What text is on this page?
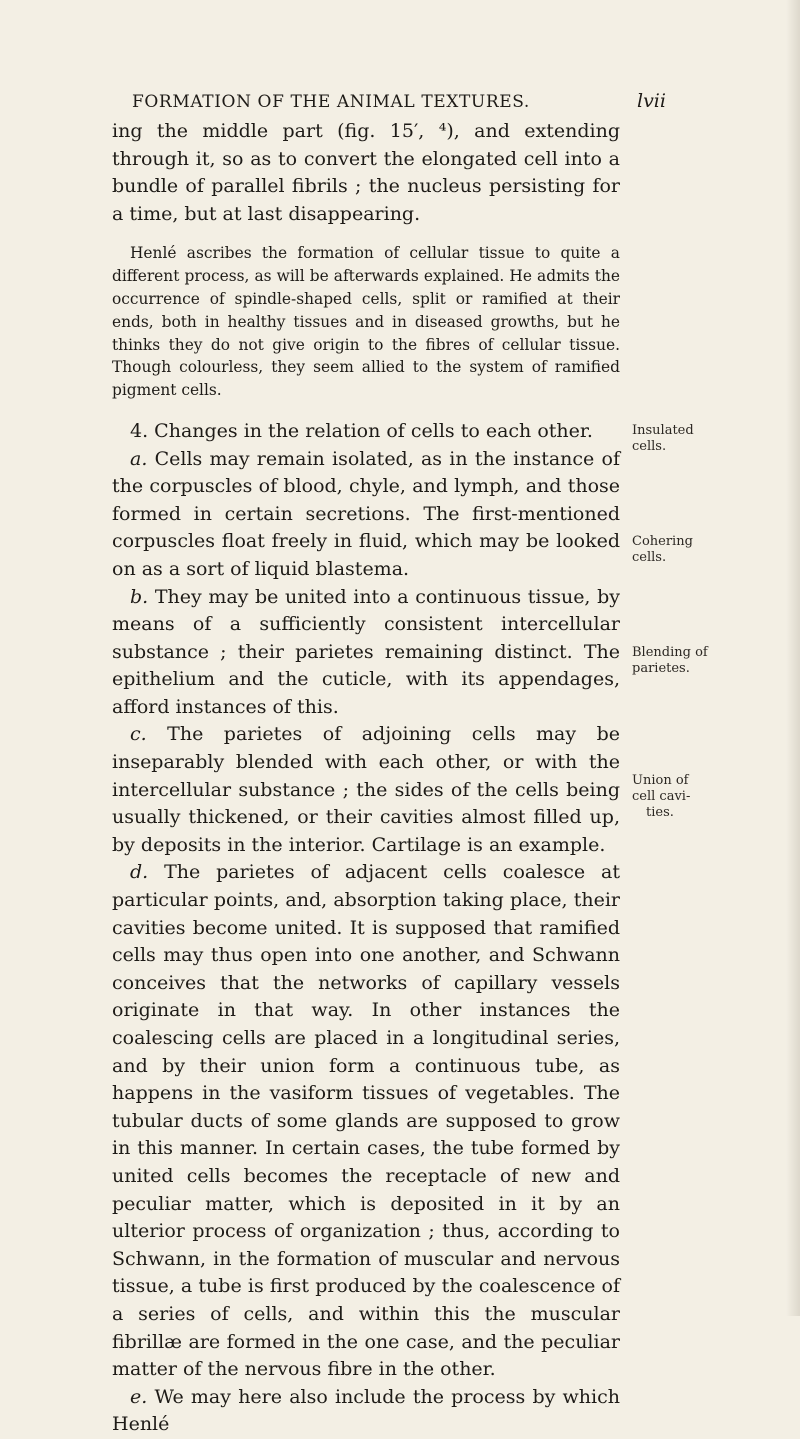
FORMATION OF THE ANIMAL TEXTURES.	lvii

ing the middle part (fig. 15′, ⁴), and extending through it, so as to convert the elongated cell into a bundle of parallel fibrils ; the nucleus persisting for a time, but at last disappearing.

Henlé ascribes the formation of cellular tissue to quite a different process, as will be afterwards explained. He admits the occurrence of spindle-shaped cells, split or ramified at their ends, both in healthy tissues and in diseased growths, but he thinks they do not give origin to the fibres of cellular tissue. Though colourless, they seem allied to the system of ramified pigment cells.

4. Changes in the relation of cells to each other.

a. Cells may remain isolated, as in the instance of the corpuscles of blood, chyle, and lymph, and those formed in certain secretions. The first-mentioned corpuscles float freely in fluid, which may be looked on as a sort of liquid blastema.

b. They may be united into a continuous tissue, by means of a sufficiently consistent intercellular substance ; their parietes remaining distinct. The epithelium and the cuticle, with its appendages, afford instances of this.

c. The parietes of adjoining cells may be inseparably blended with each other, or with the intercellular substance ; the sides of the cells being usually thickened, or their cavities almost filled up, by deposits in the interior. Cartilage is an example.

d. The parietes of adjacent cells coalesce at particular points, and, absorption taking place, their cavities become united. It is supposed that ramified cells may thus open into one another, and Schwann conceives that the networks of capillary vessels originate in that way. In other instances the coalescing cells are placed in a longitudinal series, and by their union form a continuous tube, as happens in the vasiform tissues of vegetables. The tubular ducts of some glands are supposed to grow in this manner. In certain cases, the tube formed by united cells becomes the receptacle of new and peculiar matter, which is deposited in it by an ulterior process of organization ; thus, according to Schwann, in the formation of muscular and nervous tissue, a tube is first produced by the coalescence of a series of cells, and within this the muscular fibrillæ are formed in the one case, and the peculiar matter of the nervous fibre in the other.

e. We may here also include the process by which Henlé

Insulated
cells.
Cohering
cells.
Blending of
parietes.
Union of
cell cavi-
ties.
